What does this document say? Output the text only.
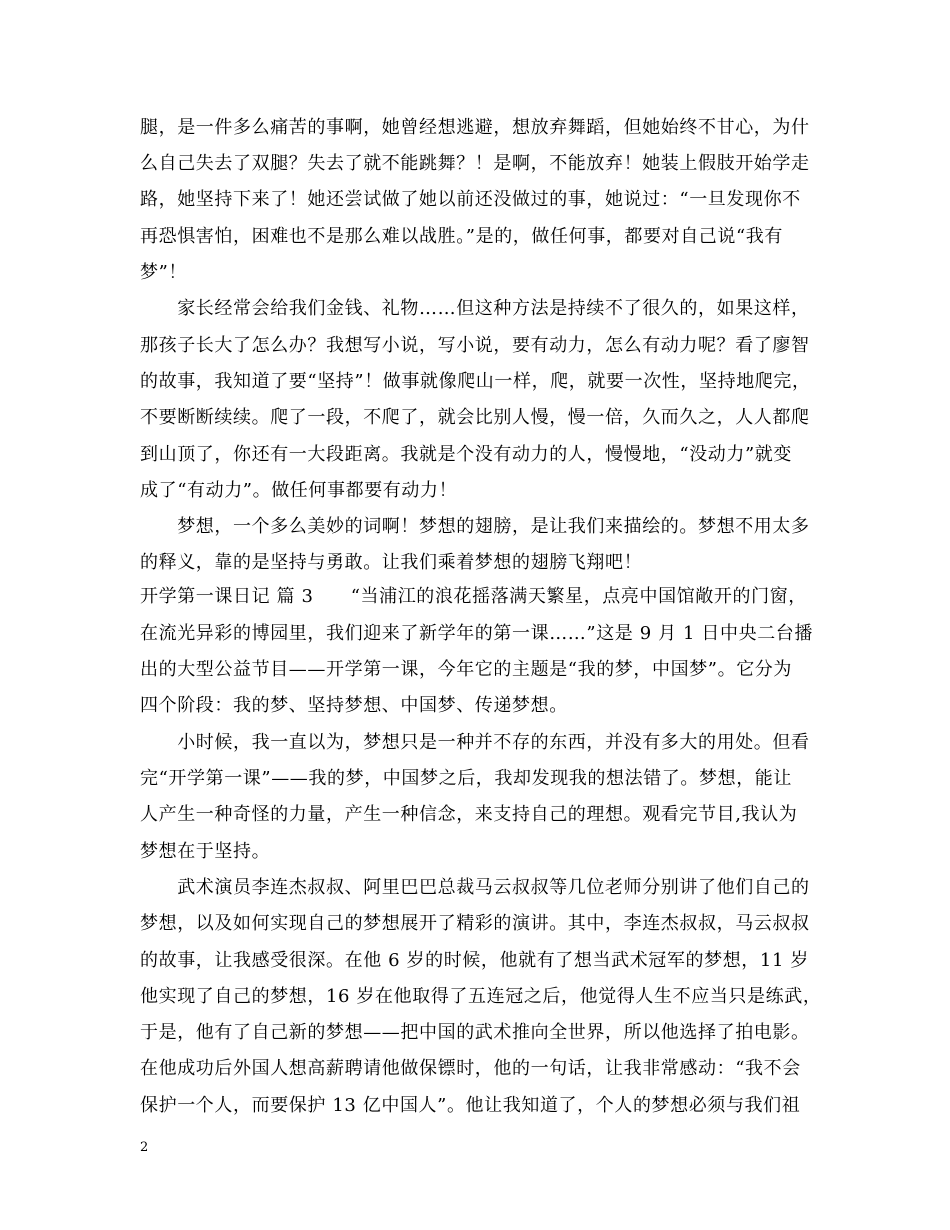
腿，是一件多么痛苦的事啊，她曾经想逃避，想放弃舞蹈，但她始终不甘心，为什
么自己失去了双腿？失去了就不能跳舞？！是啊，不能放弃！她装上假肢开始学走
路，她坚持下来了！她还尝试做了她以前还没做过的事，她说过：“一旦发现你不
再恐惧害怕，困难也不是那么难以战胜。”是的，做任何事，都要对自己说“我有
梦”！
　　家长经常会给我们金钱、礼物……但这种方法是持续不了很久的，如果这样，
那孩子长大了怎么办？我想写小说，写小说，要有动力，怎么有动力呢？看了廖智
的故事，我知道了要“坚持”！做事就像爬山一样，爬，就要一次性，坚持地爬完，
不要断断续续。爬了一段，不爬了，就会比别人慢，慢一倍，久而久之，人人都爬
到山顶了，你还有一大段距离。我就是个没有动力的人，慢慢地，“没动力”就变
成了“有动力”。做任何事都要有动力！
　　梦想，一个多么美妙的词啊！梦想的翅膀，是让我们来描绘的。梦想不用太多
的释义，靠的是坚持与勇敢。让我们乘着梦想的翅膀飞翔吧！
开学第一课日记 篇 3　　“当浦江的浪花摇落满天繁星，点亮中国馆敞开的门窗，
在流光异彩的博园里，我们迎来了新学年的第一课……”这是 9 月 1 日中央二台播
出的大型公益节目——开学第一课，今年它的主题是“我的梦，中国梦”。它分为
四个阶段：我的梦、坚持梦想、中国梦、传递梦想。
　　小时候，我一直以为，梦想只是一种并不存的东西，并没有多大的用处。但看
完“开学第一课”——我的梦，中国梦之后，我却发现我的想法错了。梦想，能让
人产生一种奇怪的力量，产生一种信念，来支持自己的理想。观看完节目,我认为
梦想在于坚持。
　　武术演员李连杰叔叔、阿里巴巴总裁马云叔叔等几位老师分别讲了他们自己的
梦想，以及如何实现自己的梦想展开了精彩的演讲。其中，李连杰叔叔，马云叔叔
的故事，让我感受很深。在他 6 岁的时候，他就有了想当武术冠军的梦想，11 岁
他实现了自己的梦想，16 岁在他取得了五连冠之后，他觉得人生不应当只是练武，
于是，他有了自己新的梦想——把中国的武术推向全世界，所以他选择了拍电影。
在他成功后外国人想高薪聘请他做保镖时，他的一句话，让我非常感动：“我不会
保护一个人，而要保护 13 亿中国人”。他让我知道了，个人的梦想必须与我们祖
2
